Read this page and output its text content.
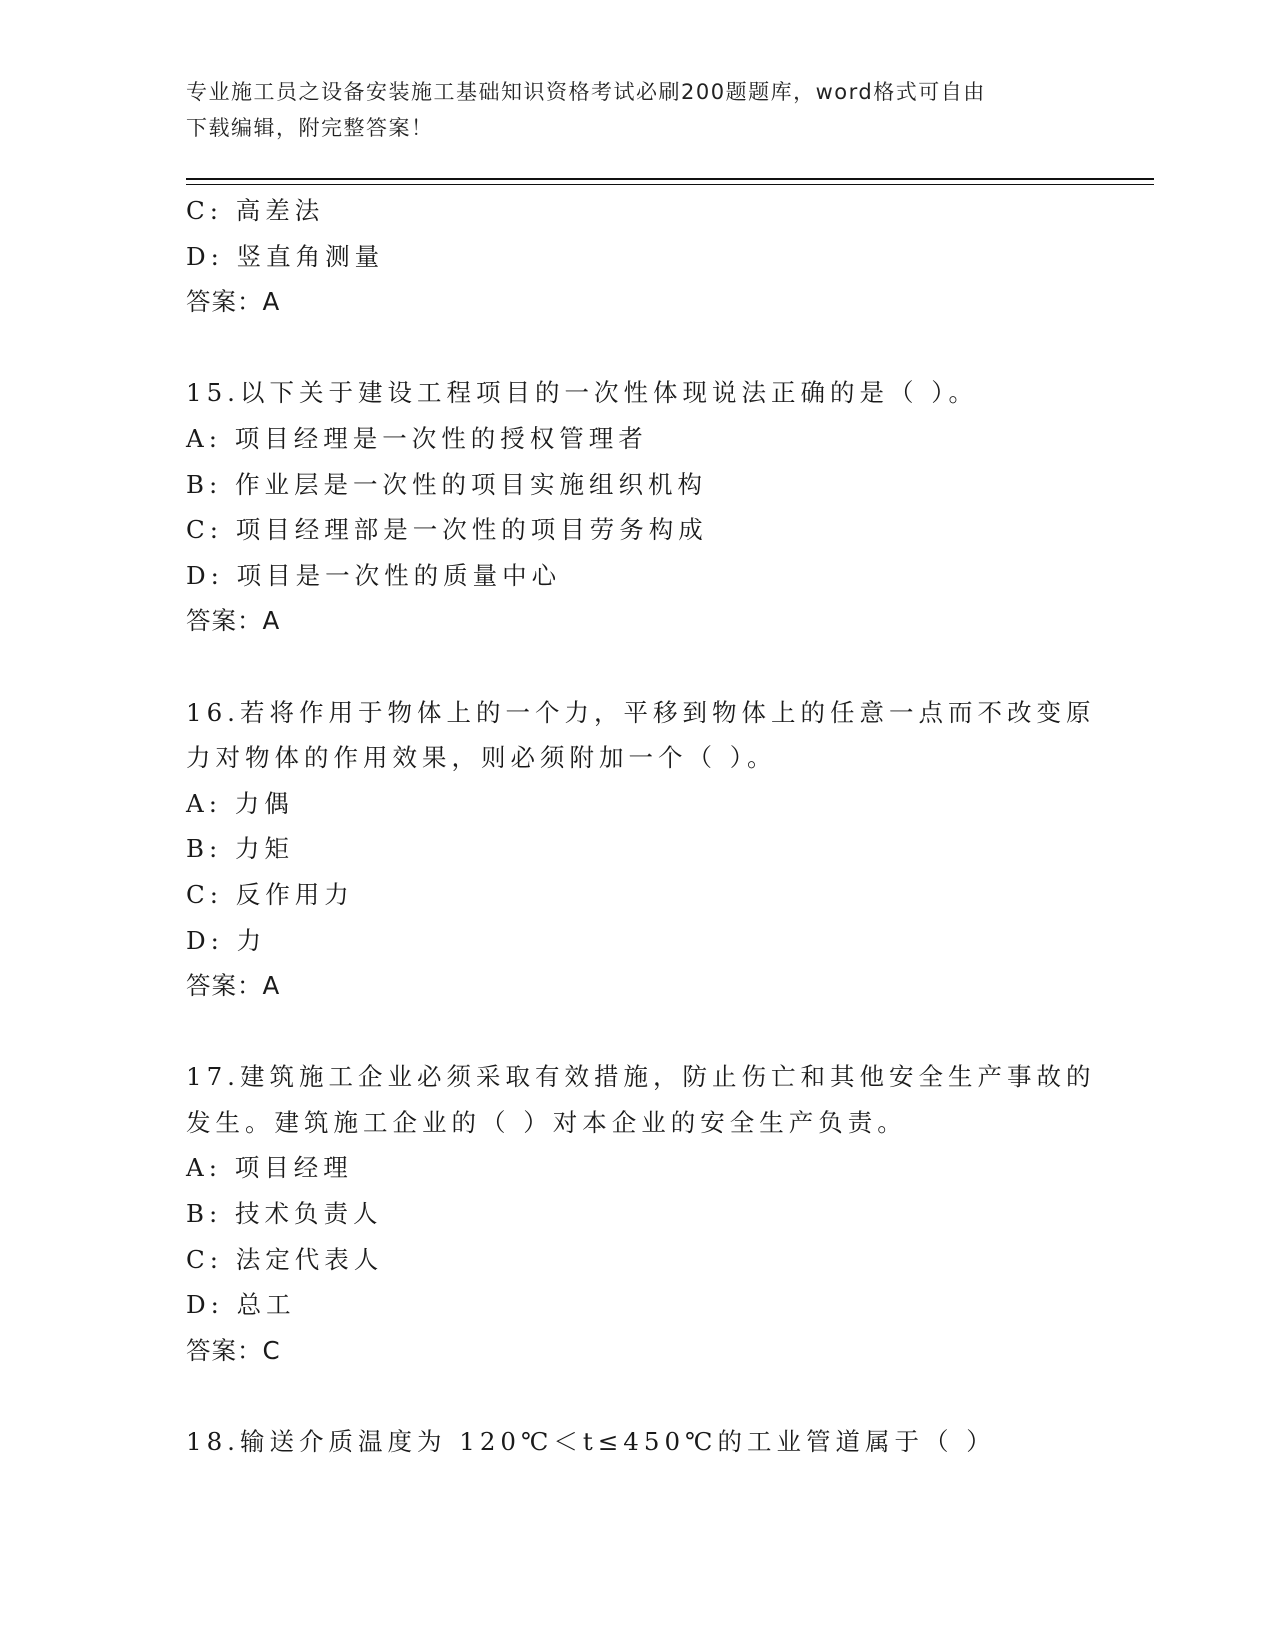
专业施工员之设备安装施工基础知识资格考试必刷200题题库，word格式可自由
下载编辑，附完整答案！
C: 高差法
D: 竖直角测量
答案：A
15.以下关于建设工程项目的一次性体现说法正确的是（ ）。
A: 项目经理是一次性的授权管理者
B: 作业层是一次性的项目实施组织机构
C: 项目经理部是一次性的项目劳务构成
D: 项目是一次性的质量中心
答案：A
16.若将作用于物体上的一个力，平移到物体上的任意一点而不改变原
力对物体的作用效果，则必须附加一个（ ）。
A: 力偶
B: 力矩
C: 反作用力
D: 力
答案：A
17.建筑施工企业必须采取有效措施，防止伤亡和其他安全生产事故的
发生。建筑施工企业的（ ）对本企业的安全生产负责。
A: 项目经理
B: 技术负责人
C: 法定代表人
D: 总工
答案：C
18.输送介质温度为 120℃＜t≤450℃的工业管道属于（ ）
